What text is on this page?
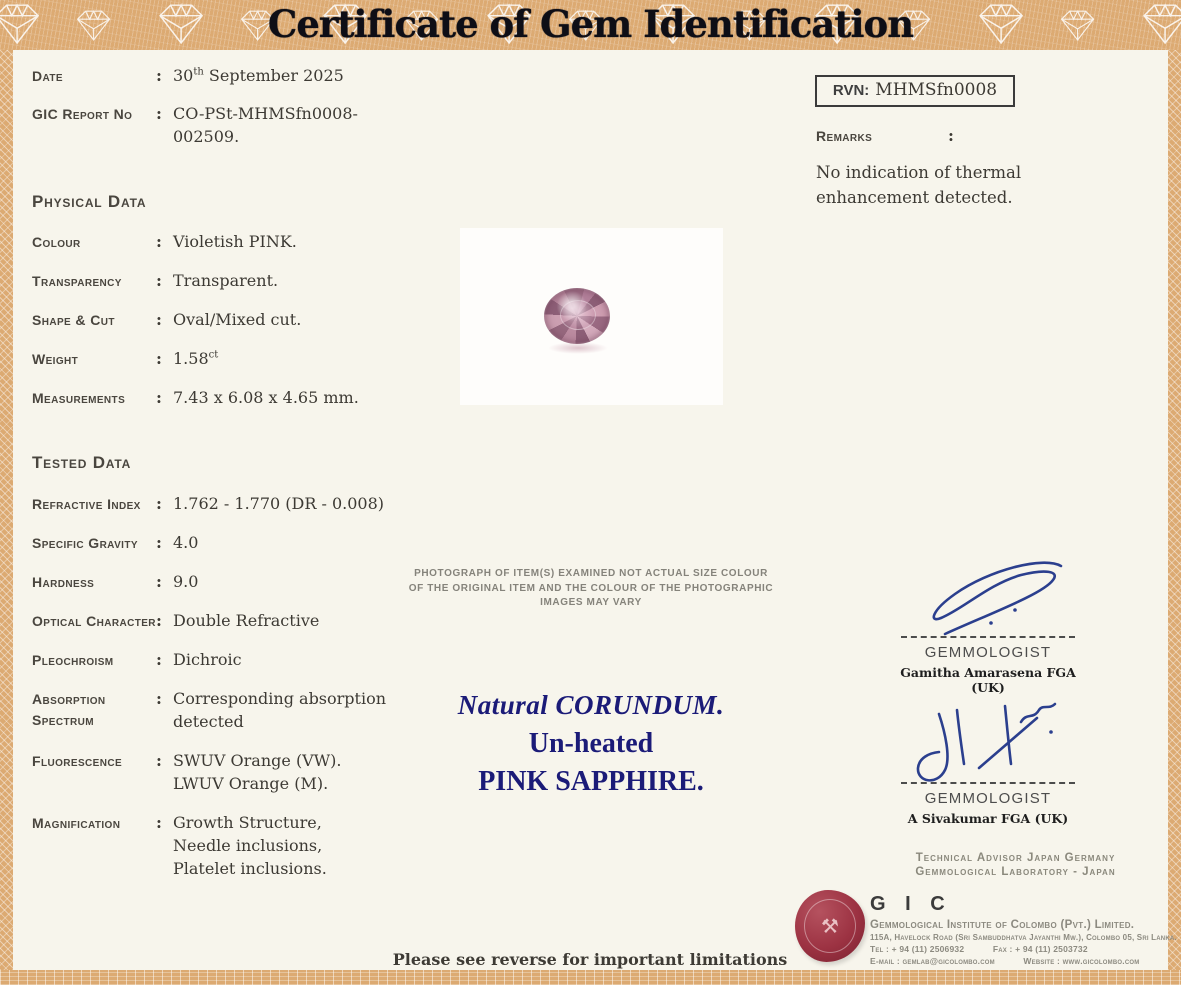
Certificate of Gem Identification
Date	: 30th September 2025
GIC Report No	: CO-PSt-MHMSfn0008-002509.
RVN: MHMSfn0008
Remarks	:
No indication of thermal enhancement detected.
Physical Data
Colour	: Violetish PINK.
Transparency	: Transparent.
Shape & Cut	: Oval/Mixed cut.
Weight	: $1.58^{ct}$
Measurements	: 7.43 x 6.08 x 4.65 mm.
Tested Data
Refractive Index : 1.762 - 1.770 (DR - 0.008)
Specific Gravity	: 4.0
Hardness	: 9.0
Optical Character : Double Refractive
Pleochroism	: Dichroic
Absorption Spectrum
: Corresponding absorption
detected
Fluorescence	: SWUV Orange (VW).
LWUV Orange (M).
Magnification	: Growth Structure,
Needle inclusions,
Platelet inclusions.
PHOTOGRAPH OF ITEM(S) EXAMINED NOT ACTUAL SIZE COLOUR
OF THE ORIGINAL ITEM AND THE COLOUR OF THE PHOTOGRAPHIC
IMAGES MAY VARY
Natural CORUNDUM.
Un-heated
PINK SAPPHIRE.
GEMMOLOGIST
Gamitha Amarasena FGA (UK)
GEMMOLOGIST
A Sivakumar FGA (UK)
Technical Advisor Japan Germany
Gemmological Laboratory - Japan
⚒
G I C
Gemmological Institute of Colombo (Pvt.) Limited.
115A, Havelock Road (Sri Sambuddhatva Jayanthi Mw.), Colombo 05, Sri Lanka.
Tel : + 94 (11) 2506932	Fax : + 94 (11) 2503732
E-mail : gemlab@gicolombo.com	Website : www.gicolombo.com
Please see reverse for important limitations
